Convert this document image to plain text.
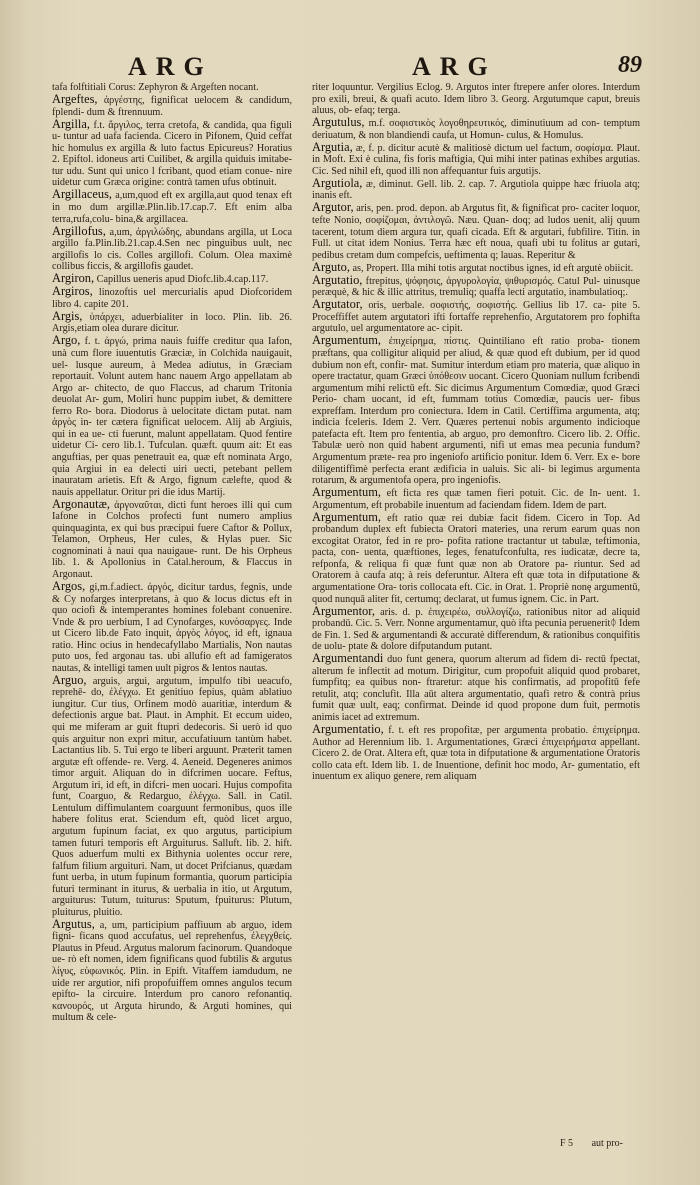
ARG	ARG	89

tafa folftitiali Corus: Zephyron & Argeften nocant.

Argeftes, ἀργέστης, fignificat uelocem & candidum, fplendi- dum & ftrennuum.

Argilla, f.t. ἄργιλος, terra cretofa, & candida, qua figuli u- tuntur ad uafa facienda. Cicero in Pifonem, Quid ceffat hic homulus ex argilla & luto factus Epicureus? Horatius 2. Epiftol. idoneus arti Cuilibet, & argilla quiduis imitabe- tur udu. Sunt qui unico l fcribant, quod etiam conue- nire uidetur cum Græca origine: contrà tamen ufus obtinuit.

Argillaceus, a,um,quod eft ex argilla,aut quod tenax eft in mo dum argillæ.Plin.lib.17.cap.7. Eft enim alba terra,rufa,colu- bina,& argillacea.

Argillofus, a,um, ἀργιλώδης, abundans argilla, ut Loca argillo fa.Plin.lib.21.cap.4.Sen nec pinguibus uult, nec argillofis lo cis. Colles argillofi. Colum. Olea maximè collibus ficcis, & argillofis gaudet.

Argiron, Capillus ueneris apud Diofc.lib.4.cap.117.

Argiros, linozoftis uel mercurialis apud Diofcoridem libro 4. capite 201.

Argis, ὑπάρχει, aduerbialiter in loco. Plin. lib. 26. Argis,etiam olea durare dicitur.

Argo, f. t. ἀργώ, prima nauis fuiffe creditur qua Iafon, unà cum flore iuuentutis Græciæ, in Colchida nauigauit, uel- lusque aureum, à Medea adiutus, in Græciam reportauit. Volunt autem hanc nauem Argo appellatam ab Argo ar- chitecto, de quo Flaccus, ad charum Tritonia deuolat Ar- gum, Moliri hunc puppim iubet, & demittere ferro Ro- bora. Diodorus à uelocitate dictam putat. nam ἀργὸς in- ter cætera fignificat uelocem. Alij ab Argiuis, qui in ea ue- cti fuerunt, malunt appellatam. Quod fentire uidetur Ci- cero lib.1. Tufculan. quæft. quum ait: Et eas anguftias, per quas penetrauit ea, quæ eft nominata Argo, quia Argiui in ea delecti uiri uecti, petebant pellem inauratam arietis. Eft & Argo, fignum cælefte, quod & nauis appellatur. Oritur pri die idus Martij.

Argonautæ, ἀργοναῦται, dicti funt heroes illi qui cum Iafone in Colchos profecti funt numero amplius quinquaginta, ex qui bus præcipui fuere Caftor & Pollux, Telamon, Orpheus, Her cules, & Hylas puer. Sic cognominati à naui qua nauigaue- runt. De his Orpheus lib. 1. & Apollonius in Catal.heroum, & Flaccus in Argonaut.

Argos, gi,m.f.adiect. ἀργός, dicitur tardus, fegnis, unde & Cy nofarges interpretans, à quo & locus dictus eft in quo ociofi & intemperantes homines folebant conuenire. Vnde & pro uerbium, I ad Cynofarges, κυνόσαργες. Inde ut Cicero lib.de Fato inquit, ἀργὸς λόγος, id eft, ignaua ratio. Hinc ocius in hendecafyllabo Martialis, Non nautas puto uos, fed argonau tas. ubi allufio eft ad famigeratos nautas, & intelligi tamen uult pigros & lentos nautas.

Arguo, arguis, argui, argutum, impulfo tibi ueacufo, reprehē- do, ἐλέγχω. Et genitiuo fepius, quàm ablatiuo iungitur. Cur tius, Orfinem modò auaritiæ, interdum & defectionis argue bat. Plaut. in Amphit. Et eccum uideo, qui me miferam ar guit ftupri dedecoris. Si uerò id quo quis arguitur non expri mitur, accufatiuum tantùm habet. Lactantius lib. 5. Tui ergo te liberi arguunt. Præterit tamen argutæ eft offende- re. Verg. 4. Aeneid. Degeneres animos timor arguit. Aliquan do in difcrimen uocare. Feftus, Argutum iri, id eft, in difcri- men uocari. Hujus compofita funt, Coarguo, & Redarguo, ἐλέγχω. Sall. in Catil. Lentulum diffimulantem coarguunt fermonibus, quos ille habere folitus erat. Sciendum eft, quòd licet arguo, argutum fupinum faciat, ex quo argutus, participium tamen futuri temporis eft Arguiturus. Salluft. lib. 2. hift. Quos aduerfum multi ex Bithynia uolentes occur rere, falfum filium arguituri. Nam, ut docet Prifcianus, quædam funt uerba, in utum fupinum formantia, quorum participia futuri terminant in iturus, & uerbalia in itio, ut Argutum, arguiturus: Tutum, tuiturus: Sputum, fpuiturus: Plutum, pluiturus, pluitio.

Argutus, a, um, participium paffiuum ab arguo, idem figni- ficans quod accufatus, uel reprehenfus, ἐλεγχθείς. Plautus in Pfeud. Argutus malorum facinorum. Quandoque ue- rò eft nomen, idem fignificans quod fubtilis & argutus λίγυς, εὐφωνικός. Plin. in Epift. Vitaffem iamdudum, ne uide rer argutior, nifi propofuiffem omnes angulos tecum epifto- la circuire. Interdum pro canoro refonantiq. κανουρός, ut Arguta hirundo, & Arguti homines, qui multum & cele-

riter loquuntur. Vergilius Eclog. 9. Argutos inter ftrepere anfer olores. Interdum pro exili, breui, & quafi acuto. Idem libro 3. Georg. Argutumque caput, breuis aluus, ob- efaq; terga.

Argutulus, m.f. σοφιστικὸς λογοθηρευτικός, diminutiuum ad con- temptum deriuatum, & non blandiendi caufa, ut Homun- culus, & Homulus.

Argutia, æ, f. p. dicitur acutè & malitiosè dictum uel factum, σοφίσμα. Plaut. in Moft. Exi è culina, fis foris maftigia, Qui mihi inter patinas exhibes argutias. Cic. Sed nihil eft, quod illi non affequantur fuis argutijs.

Argutiola, æ, diminut. Gell. lib. 2. cap. 7. Argutiola quippe hæc friuola atq; inanis eft.

Argutor, aris, pen. prod. depon. ab Argutus fit, & fignificat pro- caciter loquor, tefte Nonio, σοφίζομαι, ἀντιλογῶ. Næu. Quan- doq; ad ludos uenit, alij quum tacerent, totum diem argura tur, quafi cicada. Eft & argutari, fubfilire. Titin. in Full. ut citat idem Nonius. Terra hæc eft noua, quafi ubi tu folitus ar gutari, pedibus cretam dum compefcis, ueftimenta q; lauas. Reperitur &

Arguto, as, Propert. Illa mihi totis argutat noctibus ignes, id eft argutè obiicit.

Argutatio, ftrepitus, ψόφησις, ἀργυρολογία, ψιθυρισμός. Catul Pul- uinusque peræquè, & hic & illic attritus, tremuliq; quaffa lecti argutatio, inambulatioq;.

Argutator, oris, uerbale. σοφιστής, σοφιστής. Gellius lib 17. ca- pite 5. Proceffiffet autem argutatori ifti fortaffe reprehenfio, Argutatorem pro fophifta argutulo, uel argumentatore ac- cipit.

Argumentum, ἐπιχείρημα, πίστις. Quintiliano eft ratio proba- tionem præftans, qua colligitur aliquid per aliud, & quæ quod eft dubium, per id quod dubium non eft, confir- mat. Sumitur interdum etiam pro materia, quæ aliquo in opere tractatur, quam Græci ὑπόθεσιν uocant. Cicero Quoniam nullum fcribendi argumentum mihi relictū eft. Sic dicimus Argumentum Comœdiæ, quod Græci Perio- cham uocant, id eft, fummam totius Comœdiæ, paucis uer- fibus expreffam. Interdum pro coniectura. Idem in Catil. Certiffima argumenta, atq; indicia fceleris. Idem 2. Verr. Quæres pertenui nobis argumento indicioque patefacta eft. Item pro fententia, ab arguo, pro demonftro. Cicero lib. 2. Offic. Tabulæ uerò non quid habent argumenti, nifi ut emas mea pecunia fundum? Argumentum præte- rea pro ingeniofo artificio ponitur. Idem 6. Verr. Ex e- bore diligentiffimè perfecta erant ædificia in ualuis. Sic ali- bi legimus argumenta rotarum, & argumentofa opera, pro ingeniofis.

Argumentum, eft ficta res quæ tamen fieri potuit. Cic. de In- uent. 1. Argumentum, eft probabile inuentum ad faciendam fidem. Idem de part.

Argumentum, eft ratio quæ rei dubiæ facit fidem. Cicero in Top. Ad probandum duplex eft fubiecta Oratori materies, una rerum earum quas non excogitat Orator, fed in re pro- pofita ratione tractantur ut tabulæ, teftimonia, pacta, con- uenta, quæftiones, leges, fenatufconfulta, res iudicatæ, decre ta, refponfa, & reliqua fi quæ funt quæ non ab Oratore pa- riuntur. Sed ad Oratorem à caufa atq; à reis deferuntur. Altera eft quæ tota in difputatione & argumentatione Ora- toris collocata eft. Cic. in Orat. 1. Propriè nonę argumentū, quod nunquā aliter fit, certumq; declarat, ut fumus ignem. Cic. in Part.

Argumentor, aris. d. p. ἐπιχειρέω, συλλογίζω, rationibus nitor ad aliquid probandū. Cic. 5. Verr. Nonne argumentamur, quò ifta pecunia perueneritᛰ Idem de Fin. 1. Sed & argumentandi & accuratè differendum, & rationibus conquifitis de uolu- ptate & dolore difputandum putant.

Argumentandi duo funt genera, quorum alterum ad fidem di- rectū fpectat, alterum fe inflectit ad motum. Dirigitur, cum propofuit aliquid quod probaret, fumpfitq; ea quibus non- ftraretur: atque his confirmatis, ad propofitū fefe retulit, atq; conclufit. Illa aūt altera argumentatio, quafi retro & contrà prius fumit quæ uult, eaq; confirmat. Deinde id quod propone dum fuit, permotis animis iacet ad extremum.

Argumentatio, f. t. eft res propofitæ, per argumenta probatio. ἐπιχείρημα. Author ad Herennium lib. 1. Argumentationes, Græci ἐπιχειρήματα appellant. Cicero 2. de Orat. Altera eft, quæ tota in difputatione & argumentatione Oratoris collo cata eft. Idem lib. 1. de Inuentione, definit hoc modo, Ar- gumentatio, eft inuentum ex aliquo genere, rem aliquam

F 5 aut pro-
